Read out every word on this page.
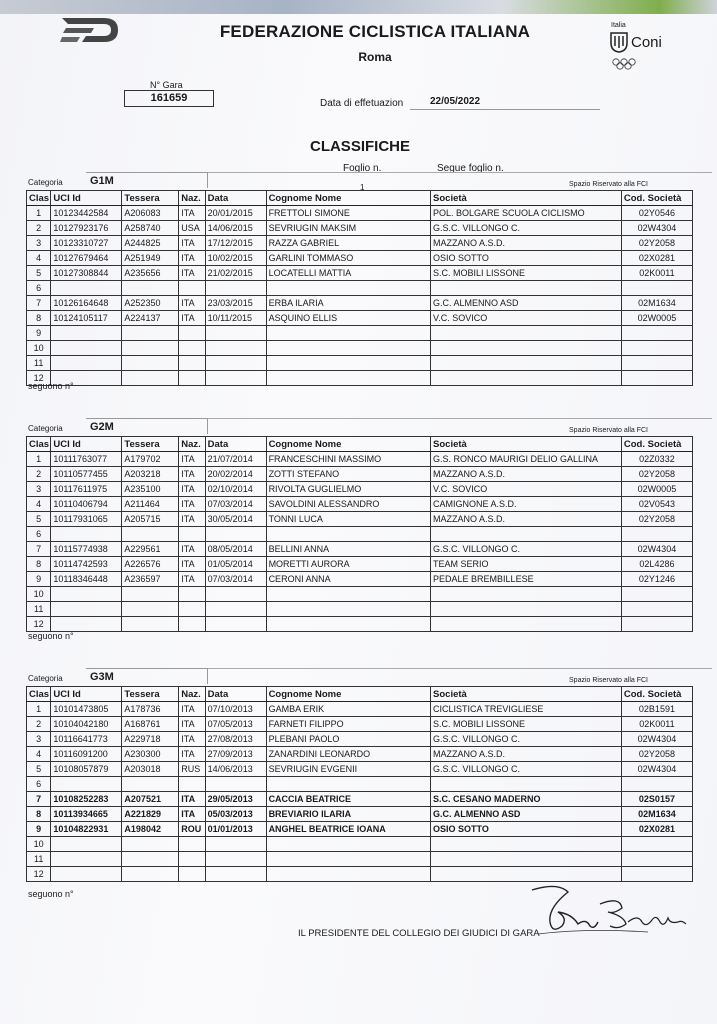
FEDERAZIONE CICLISTICA ITALIANA
Roma
Italia
Coni
N° Gara
161659	Data di effetuazion	22/05/2022
CLASSIFICHE
Foglio n.	Segue foglio n.
1
Categoria	G1M	Spazio Riservato alla FCI
Clas	UCI Id	Tessera	Naz.	Data	Cognome Nome	Società	Cod. Società
1	10123442584	A206083	ITA	20/01/2015	FRETTOLI SIMONE	POL. BOLGARE SCUOLA CICLISMO	02Y0546
2	10127923176	A258740	USA	14/06/2015	SEVRIUGIN MAKSIM	G.S.C. VILLONGO C.	02W4304
3	10123310727	A244825	ITA	17/12/2015	RAZZA GABRIEL	MAZZANO A.S.D.	02Y2058
4	10127679464	A251949	ITA	10/02/2015	GARLINI TOMMASO	OSIO SOTTO	02X0281
5	10127308844	A235656	ITA	21/02/2015	LOCATELLI MATTIA	S.C. MOBILI LISSONE	02K0011
6							
7	10126164648	A252350	ITA	23/03/2015	ERBA ILARIA	G.C. ALMENNO ASD	02M1634
8	10124105117	A224137	ITA	10/11/2015	ASQUINO ELLIS	V.C. SOVICO	02W0005
9							
10							
11							
12							
seguono n°
Categoria	G2M	Spazio Riservato alla FCI
Clas	UCI Id	Tessera	Naz.	Data	Cognome Nome	Società	Cod. Società
1	10111763077	A179702	ITA	21/07/2014	FRANCESCHINI MASSIMO	G.S. RONCO MAURIGI DELIO GALLINA	02Z0332
2	10110577455	A203218	ITA	20/02/2014	ZOTTI STEFANO	MAZZANO A.S.D.	02Y2058
3	10117611975	A235100	ITA	02/10/2014	RIVOLTA GUGLIELMO	V.C. SOVICO	02W0005
4	10110406794	A211464	ITA	07/03/2014	SAVOLDINI ALESSANDRO	CAMIGNONE A.S.D.	02V0543
5	10117931065	A205715	ITA	30/05/2014	TONNI LUCA	MAZZANO A.S.D.	02Y2058
6							
7	10115774938	A229561	ITA	08/05/2014	BELLINI ANNA	G.S.C. VILLONGO C.	02W4304
8	10114742593	A226576	ITA	01/05/2014	MORETTI AURORA	TEAM SERIO	02L4286
9	10118346448	A236597	ITA	07/03/2014	CERONI ANNA	PEDALE BREMBILLESE	02Y1246
10							
11							
12							
seguono n°
Categoria	G3M	Spazio Riservato alla FCI
Clas	UCI Id	Tessera	Naz.	Data	Cognome Nome	Società	Cod. Società
1	10101473805	A178736	ITA	07/10/2013	GAMBA ERIK	CICLISTICA TREVIGLIESE	02B1591
2	10104042180	A168761	ITA	07/05/2013	FARNETI FILIPPO	S.C. MOBILI LISSONE	02K0011
3	10116641773	A229718	ITA	27/08/2013	PLEBANI PAOLO	G.S.C. VILLONGO C.	02W4304
4	10116091200	A230300	ITA	27/09/2013	ZANARDINI LEONARDO	MAZZANO A.S.D.	02Y2058
5	10108057879	A203018	RUS	14/06/2013	SEVRIUGIN EVGENII	G.S.C. VILLONGO C.	02W4304
6							
7	10108252283	A207521	ITA	29/05/2013	CACCIA BEATRICE	S.C. CESANO MADERNO	02S0157
8	10113934665	A221829	ITA	05/03/2013	BREVIARIO ILARIA	G.C. ALMENNO ASD	02M1634
9	10104822931	A198042	ROU	01/01/2013	ANGHEL BEATRICE IOANA	OSIO SOTTO	02X0281
10							
11							
12							
seguono n°
IL PRESIDENTE DEL COLLEGIO DEI GIUDICI DI GARA
